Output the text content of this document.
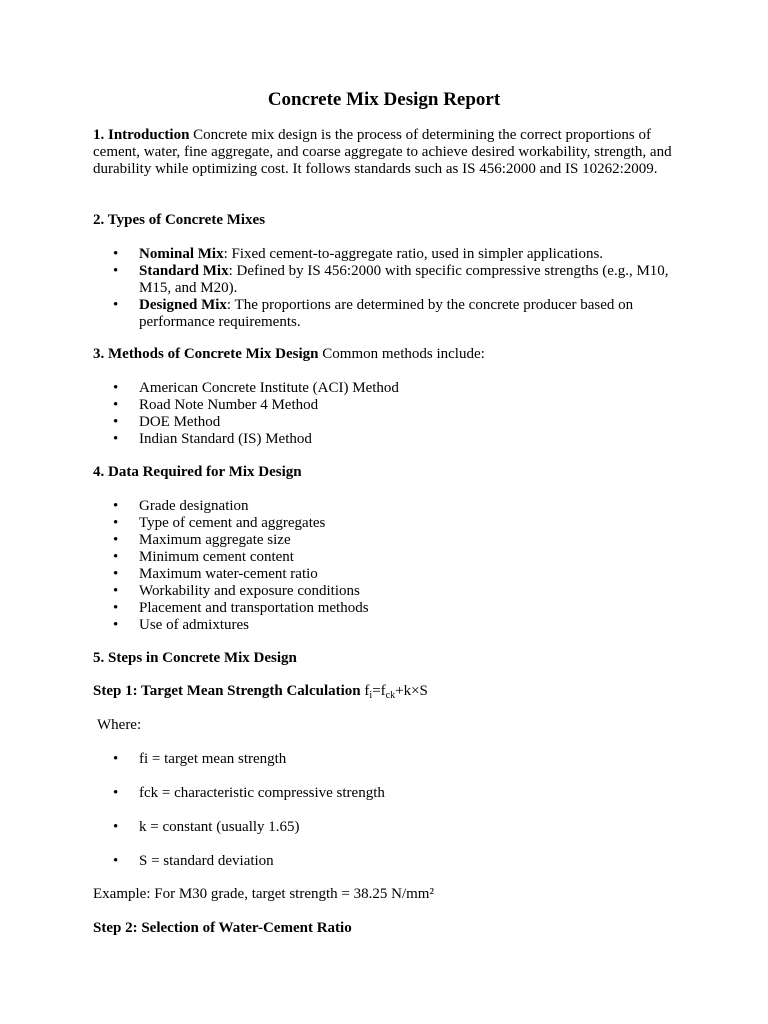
Concrete Mix Design Report

1. Introduction Concrete mix design is the process of determining the correct proportions of cement, water, fine aggregate, and coarse aggregate to achieve desired workability, strength, and durability while optimizing cost. It follows standards such as IS 456:2000 and IS 10262:2009.

2. Types of Concrete Mixes
• Nominal Mix: Fixed cement-to-aggregate ratio, used in simpler applications.
• Standard Mix: Defined by IS 456:2000 with specific compressive strengths (e.g., M10, M15, and M20).
• Designed Mix: The proportions are determined by the concrete producer based on performance requirements.
3. Methods of Concrete Mix Design Common methods include:
• American Concrete Institute (ACI) Method
• Road Note Number 4 Method
• DOE Method
• Indian Standard (IS) Method
4. Data Required for Mix Design
• Grade designation
• Type of cement and aggregates
• Maximum aggregate size
• Minimum cement content
• Maximum water-cement ratio
• Workability and exposure conditions
• Placement and transportation methods
• Use of admixtures
5. Steps in Concrete Mix Design
Step 1: Target Mean Strength Calculation $f_i=f_{ck}+k\times S$
Where:
• fi = target mean strength
• fck = characteristic compressive strength
• k = constant (usually 1.65)
• S = standard deviation
Example: For M30 grade, target strength = 38.25 N/mm²
Step 2: Selection of Water-Cement Ratio
